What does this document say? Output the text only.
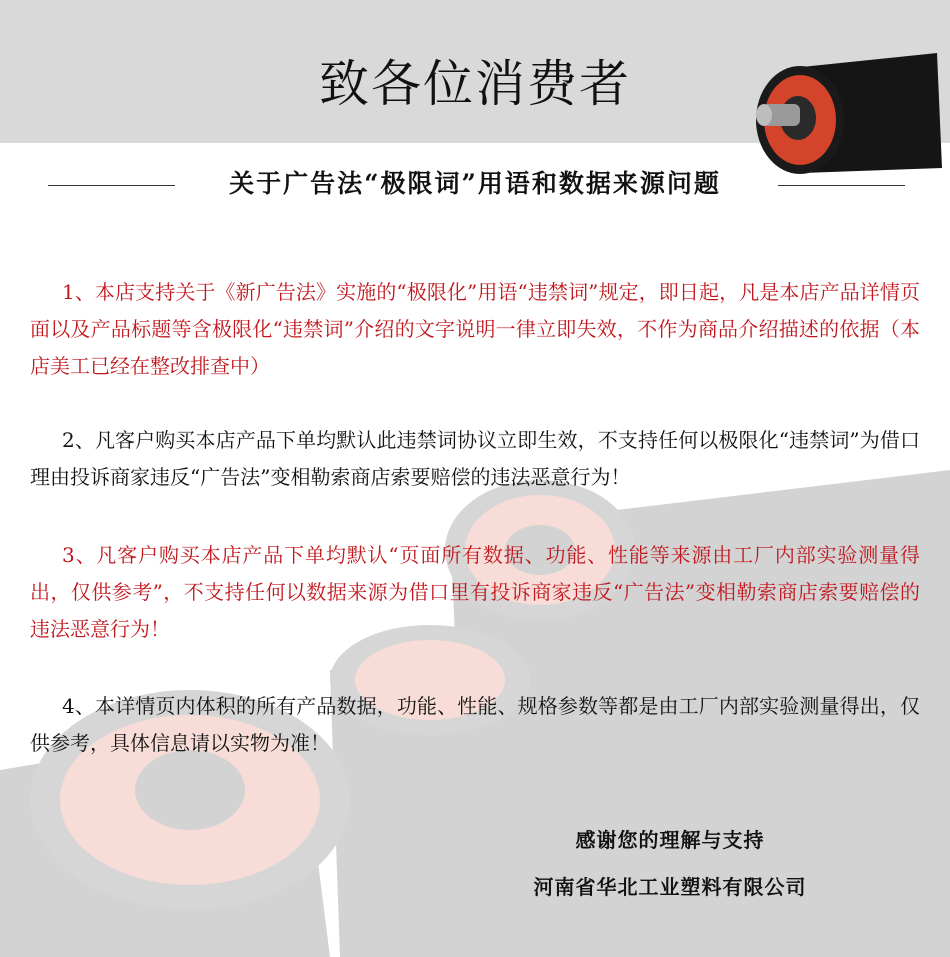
致各位消费者
关于广告法“极限词”用语和数据来源问题
1、本店支持关于《新广告法》实施的“极限化”用语“违禁词”规定，即日起，凡是本店产品详情页面以及产品标题等含极限化“违禁词”介绍的文字说明一律立即失效，不作为商品介绍描述的依据（本店美工已经在整改排查中）
2、凡客户购买本店产品下单均默认此违禁词协议立即生效，不支持任何以极限化“违禁词”为借口理由投诉商家违反“广告法”变相勒索商店索要赔偿的违法恶意行为！
3、凡客户购买本店产品下单均默认“页面所有数据、功能、性能等来源由工厂内部实验测量得出，仅供参考”，不支持任何以数据来源为借口里有投诉商家违反“广告法”变相勒索商店索要赔偿的违法恶意行为！
4、本详情页内体积的所有产品数据，功能、性能、规格参数等都是由工厂内部实验测量得出，仅供参考，具体信息请以实物为准！
感谢您的理解与支持
河南省华北工业塑料有限公司
